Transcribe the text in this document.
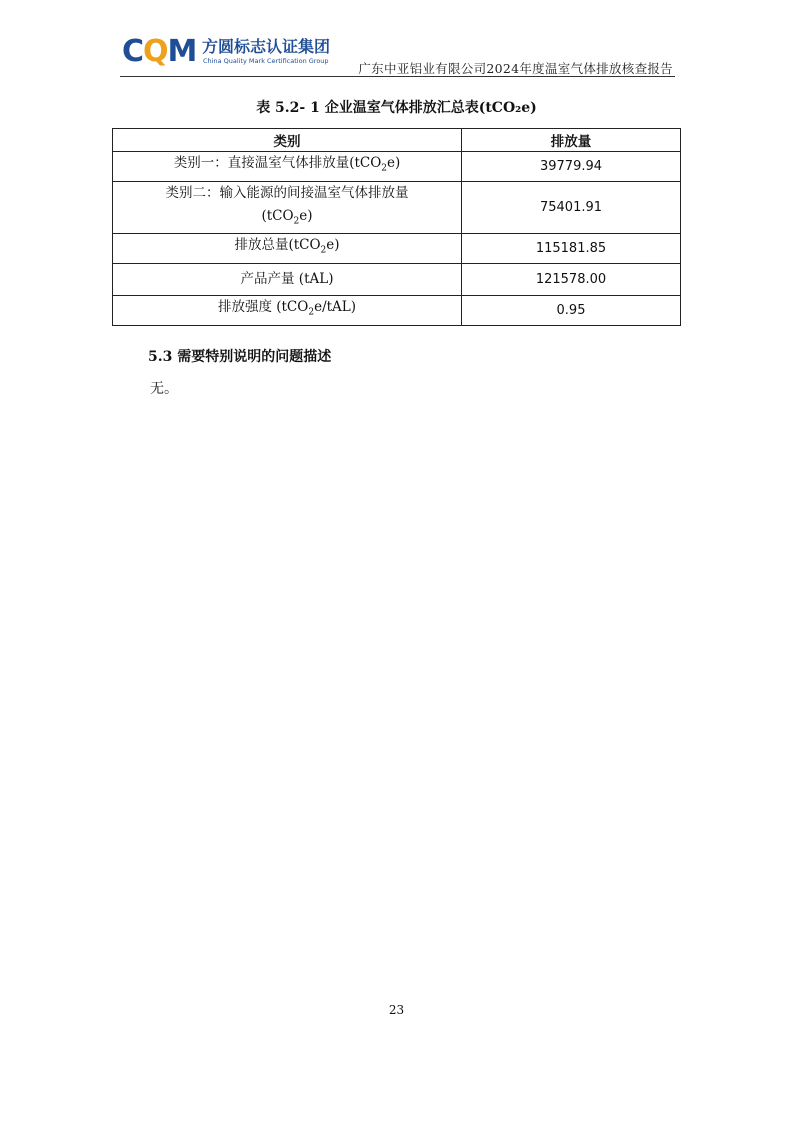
CQM 方圆标志认证集团
China Quality Mark Certification Group 广东中亚铝业有限公司2024年度温室气体排放核查报告
表 5.2- 1 企业温室气体排放汇总表(tCO₂e)
类别	排放量
类别一：直接温室气体排放量(tCO$_2$e)	39779.94
类别二：输入能源的间接温室气体排放量
(tCO$_2$e)	75401.91
排放总量(tCO$_2$e)	115181.85
产品产量 (tAL)	121578.00
排放强度 (tCO$_2$e/tAL)	0.95
5.3 需要特别说明的问题描述
无。
23
